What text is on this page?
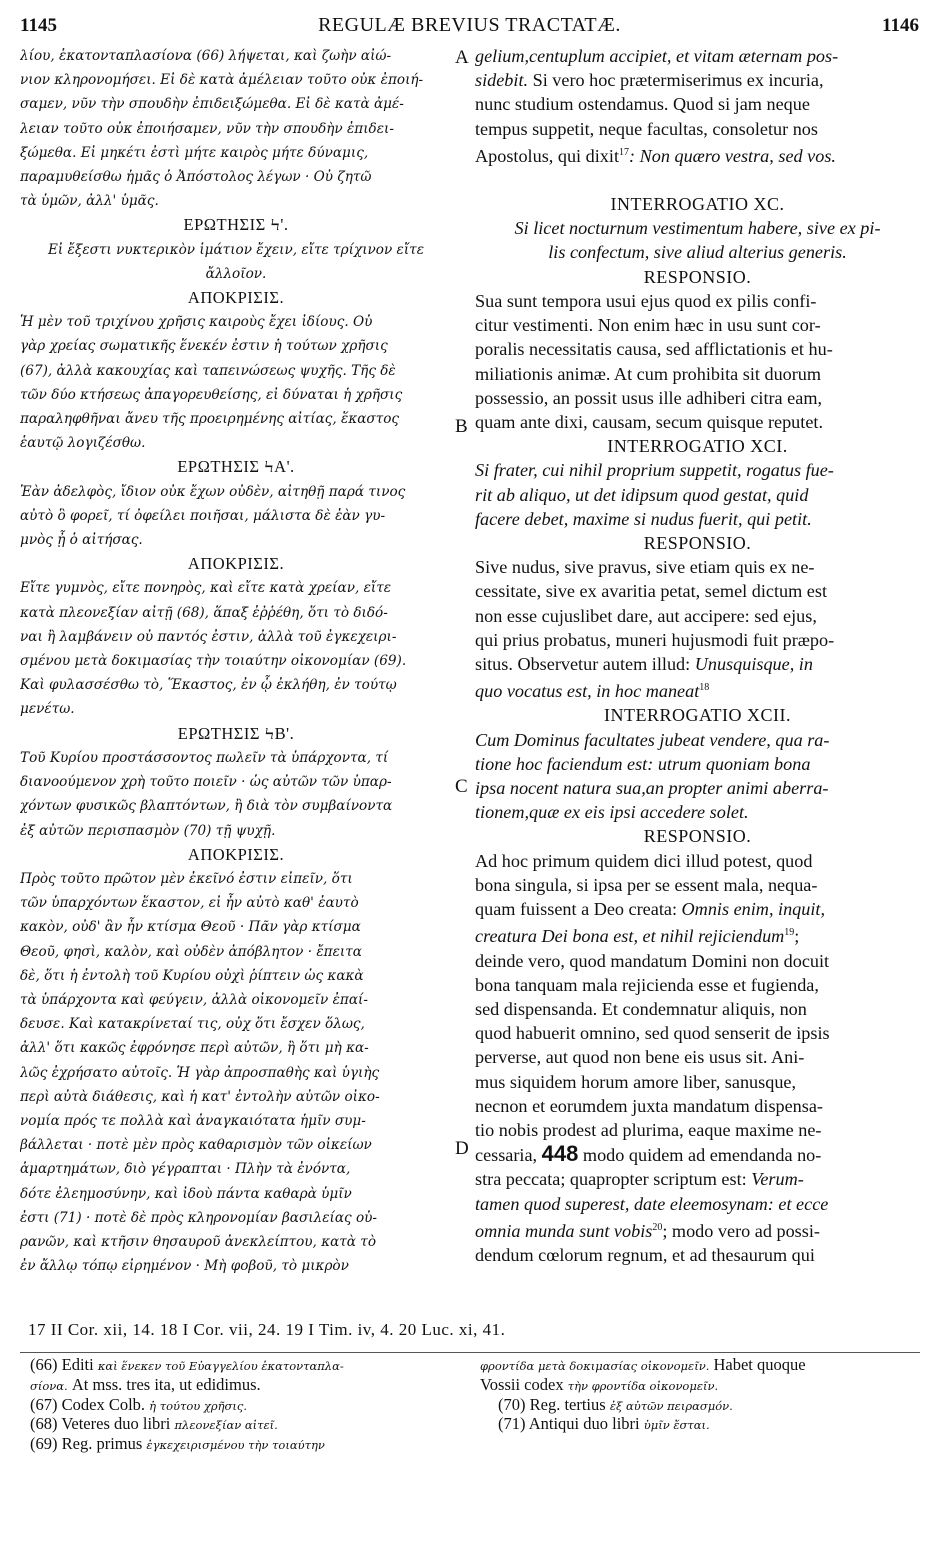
1145	REGULÆ BREVIUS TRACTATÆ.	1146
λίου, ἑκατονταπλασίονα (66) λήψεται, καὶ ζωὴν αἰώ-
νιον κληρονομήσει. Εἰ δὲ κατὰ ἀμέλειαν τοῦτο οὐκ ἐποιή-
σαμεν, νῦν τὴν σπουδὴν ἐπιδειξώμεθα. Εἰ δὲ κατὰ ἀμέ-
λειαν τοῦτο οὐκ ἐποιήσαμεν, νῦν τὴν σπουδὴν ἐπιδει-
ξώμεθα. Εἰ μηκέτι ἐστὶ μήτε καιρὸς μήτε δύναμις,
παραμυθείσθω ἡμᾶς ὁ Ἀπόστολος λέγων · Οὐ ζητῶ
τὰ ὑμῶν, ἀλλ' ὑμᾶς.
ΕΡΩΤΗΣΙΣ Ϟ'.
Εἰ ἔξεστι νυκτερικὸν ἱμάτιον ἔχειν, εἴτε τρίχινον εἴτε
ἄλλοῖον.
ΑΠΟΚΡΙΣΙΣ.
Ἡ μὲν τοῦ τριχίνου χρῆσις καιροὺς ἔχει ἰδίους. Οὐ
γὰρ χρείας σωματικῆς ἕνεκέν ἐστιν ἡ τούτων χρῆσις
(67), ἀλλὰ κακουχίας καὶ ταπεινώσεως ψυχῆς. Τῆς δὲ
τῶν δύο κτήσεως ἀπαγορευθείσης, εἰ δύναται ἡ χρῆσις
παραληφθῆναι ἄνευ τῆς προειρημένης αἰτίας, ἕκαστος
ἑαυτῷ λογιζέσθω.
ΕΡΩΤΗΣΙΣ ϞΑ'.
Ἐὰν ἀδελφὸς, ἴδιον οὐκ ἔχων οὐδὲν, αἰτηθῇ παρά τινος
αὐτὸ ὃ φορεῖ, τί ὀφείλει ποιῆσαι, μάλιστα δὲ ἐὰν γυ-
μνὸς ᾖ ὁ αἰτήσας.
ΑΠΟΚΡΙΣΙΣ.
Εἴτε γυμνὸς, εἴτε πονηρὸς, καὶ εἴτε κατὰ χρείαν, εἴτε
κατὰ πλεονεξίαν αἰτῇ (68), ἅπαξ ἐῤῥέθη, ὅτι τὸ διδό-
ναι ἢ λαμβάνειν οὐ παντός ἐστιν, ἀλλὰ τοῦ ἐγκεχειρι-
σμένου μετὰ δοκιμασίας τὴν τοιαύτην οἰκονομίαν (69).
Καὶ φυλασσέσθω τὸ, Ἕκαστος, ἐν ᾧ ἐκλήθη, ἐν τούτῳ
μενέτω.
ΕΡΩΤΗΣΙΣ ϞΒ'.
Τοῦ Κυρίου προστάσσοντος πωλεῖν τὰ ὑπάρχοντα, τί
διανοούμενον χρὴ τοῦτο ποιεῖν · ὡς αὐτῶν τῶν ὑπαρ-
χόντων φυσικῶς βλαπτόντων, ἢ διὰ τὸν συμβαίνοντα
ἐξ αὐτῶν περισπασμὸν (70) τῇ ψυχῇ.
ΑΠΟΚΡΙΣΙΣ.
Πρὸς τοῦτο πρῶτον μὲν ἐκεῖνό ἐστιν εἰπεῖν, ὅτι
τῶν ὑπαρχόντων ἕκαστον, εἰ ἦν αὐτὸ καθ' ἑαυτὸ
κακὸν, οὐδ' ἂν ἦν κτίσμα Θεοῦ · Πᾶν γὰρ κτίσμα
Θεοῦ, φησὶ, καλὸν, καὶ οὐδὲν ἀπόβλητον · ἔπειτα
δὲ, ὅτι ἡ ἐντολὴ τοῦ Κυρίου οὐχὶ ῥίπτειν ὡς κακὰ
τὰ ὑπάρχοντα καὶ φεύγειν, ἀλλὰ οἰκονομεῖν ἐπαί-
δευσε. Καὶ κατακρίνεταί τις, οὐχ ὅτι ἔσχεν ὅλως,
ἀλλ' ὅτι κακῶς ἐφρόνησε περὶ αὐτῶν, ἢ ὅτι μὴ κα-
λῶς ἐχρήσατο αὐτοῖς. Ἡ γὰρ ἀπροσπαθὴς καὶ ὑγιὴς
περὶ αὐτὰ διάθεσις, καὶ ἡ κατ' ἐντολὴν αὐτῶν οἰκο-
νομία πρός τε πολλὰ καὶ ἀναγκαιότατα ἡμῖν συμ-
βάλλεται · ποτὲ μὲν πρὸς καθαρισμὸν τῶν οἰκείων
ἁμαρτημάτων, διὸ γέγραπται · Πλὴν τὰ ἐνόντα,
δότε ἐλεημοσύνην, καὶ ἰδοὺ πάντα καθαρὰ ὑμῖν
ἐστι (71) · ποτὲ δὲ πρὸς κληρονομίαν βασιλείας οὐ-
ρανῶν, καὶ κτῆσιν θησαυροῦ ἀνεκλείπτου, κατὰ τὸ
ἐν ἄλλῳ τόπῳ εἰρημένον · Μὴ φοβοῦ, τὸ μικρὸν
A
B
C
D
gelium,centuplum accipiet, et vitam æternam pos-
sidebit. Si vero hoc prætermiserimus ex incuria,
nunc studium ostendamus. Quod si jam neque
tempus suppetit, neque facultas, consoletur nos
Apostolus, qui dixit$^{17}$: Non quæro vestra, sed vos.
INTERROGATIO XC.
Si licet nocturnum vestimentum habere, sive ex pi-
lis confectum, sive aliud alterius generis.
RESPONSIO.
Sua sunt tempora usui ejus quod ex pilis confi-
citur vestimenti. Non enim hæc in usu sunt cor-
poralis necessitatis causa, sed afflictationis et hu-
miliationis animæ. At cum prohibita sit duorum
possessio, an possit usus ille adhiberi citra eam,
quam ante dixi, causam, secum quisque reputet.
INTERROGATIO XCI.
Si frater, cui nihil proprium suppetit, rogatus fue-
rit ab aliquo, ut det idipsum quod gestat, quid
facere debet, maxime si nudus fuerit, qui petit.
RESPONSIO.
Sive nudus, sive pravus, sive etiam quis ex ne-
cessitate, sive ex avaritia petat, semel dictum est
non esse cujuslibet dare, aut accipere: sed ejus,
qui prius probatus, muneri hujusmodi fuit præpo-
situs. Observetur autem illud: Unusquisque, in
quo vocatus est, in hoc maneat$^{18}$
INTERROGATIO XCII.
Cum Dominus facultates jubeat vendere, qua ra-
tione hoc faciendum est: utrum quoniam bona
ipsa nocent natura sua,an propter animi aberra-
tionem,quæ ex eis ipsi accedere solet.
RESPONSIO.
Ad hoc primum quidem dici illud potest, quod
bona singula, si ipsa per se essent mala, nequa-
quam fuissent a Deo creata: Omnis enim, inquit,
creatura Dei bona est, et nihil rejiciendum$^{19}$;
deinde vero, quod mandatum Domini non docuit
bona tanquam mala rejicienda esse et fugienda,
sed dispensanda. Et condemnatur aliquis, non
quod habuerit omnino, sed quod senserit de ipsis
perverse, aut quod non bene eis usus sit. Ani-
mus siquidem horum amore liber, sanusque,
necnon et eorumdem juxta mandatum dispensa-
tio nobis prodest ad plurima, eaque maxime ne-
cessaria, 448 modo quidem ad emendanda no-
stra peccata; quapropter scriptum est: Verum-
tamen quod superest, date eleemosynam: et ecce
omnia munda sunt vobis$^{20}$; modo vero ad possi-
dendum cœlorum regnum, et ad thesaurum qui
17 II Cor. xii, 14. 18 I Cor. vii, 24. 19 I Tim. iv, 4. 20 Luc. xi, 41.
(66) Editi καὶ ἕνεκεν τοῦ Εὐαγγελίου ἑκατονταπλα-
σίονα. At mss. tres ita, ut edidimus.
(67) Codex Colb. ἡ τούτου χρῆσις.
(68) Veteres duo libri πλεονεξίαν αἰτεῖ.
(69) Reg. primus ἐγκεχειρισμένου τὴν τοιαύτην
φροντίδα μετὰ δοκιμασίας οἰκονομεῖν. Habet quoque
Vossii codex τὴν φροντίδα οἰκονομεῖν.
(70) Reg. tertius ἐξ αὐτῶν πειρασμόν.
(71) Antiqui duo libri ὑμῖν ἔσται.
